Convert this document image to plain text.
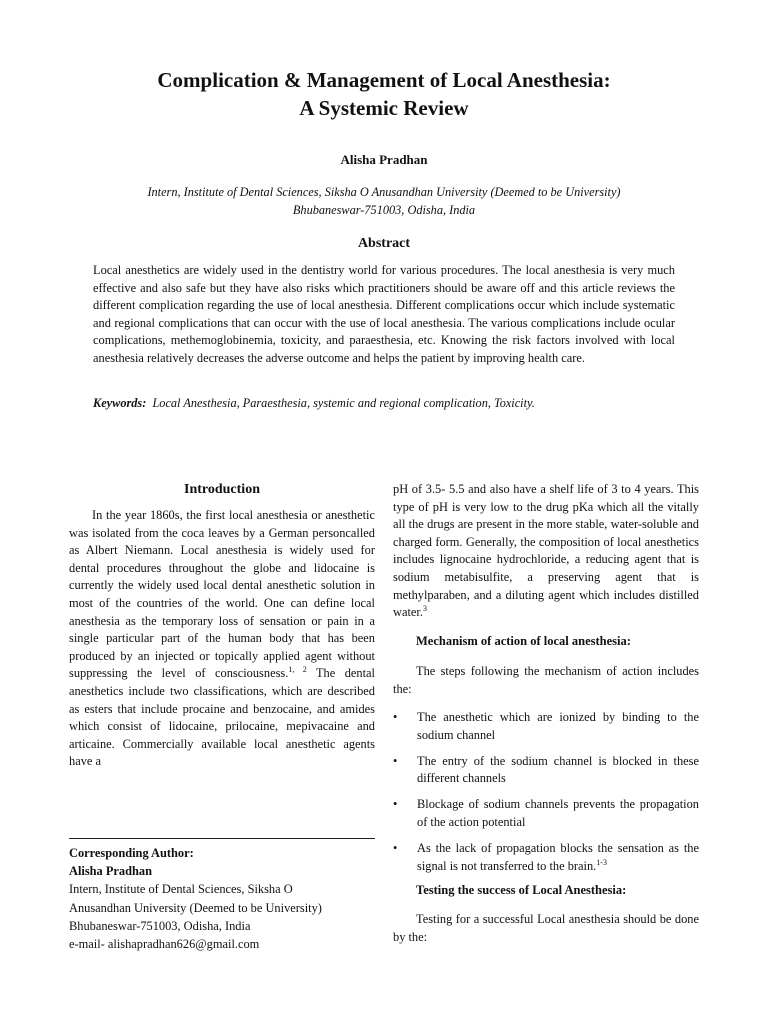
Complication & Management of Local Anesthesia:
A Systemic Review
Alisha Pradhan
Intern, Institute of Dental Sciences, Siksha O Anusandhan University (Deemed to be University)
Bhubaneswar-751003, Odisha, India
Abstract
Local anesthetics are widely used in the dentistry world for various procedures. The local anesthesia is very much effective and also safe but they have also risks which practitioners should be aware off and this article reviews the different complication regarding the use of local anesthesia. Different complications occur which include systematic and regional complications that can occur with the use of local anesthesia. The various complications include ocular complications, methemoglobinemia, toxicity, and paraesthesia, etc. Knowing the risk factors involved with local anesthesia relatively decreases the adverse outcome and helps the patient by improving health care.
Keywords: Local Anesthesia, Paraesthesia, systemic and regional complication, Toxicity.
Introduction

In the year 1860s, the first local anesthesia or anesthetic was isolated from the coca leaves by a German personcalled as Albert Niemann. Local anesthesia is widely used for dental procedures throughout the globe and lidocaine is currently the widely used local dental anesthetic solution in most of the countries of the world. One can define local anesthesia as the temporary loss of sensation or pain in a single particular part of the human body that has been produced by an injected or topically applied agent without suppressing the level of consciousness.$^{1, 2}$ The dental anesthetics include two classifications, which are described as esters that include procaine and benzocaine, and amides which consist of lidocaine, prilocaine, mepivacaine and articaine. Commercially available local anesthetic agents have a

Corresponding Author:
Alisha Pradhan
Intern, Institute of Dental Sciences, Siksha O
Anusandhan University (Deemed to be University)
Bhubaneswar-751003, Odisha, India
e-mail- alishapradhan626@gmail.com

pH of 3.5- 5.5 and also have a shelf life of 3 to 4 years. This type of pH is very low to the drug pKa which all the vitally all the drugs are present in the more stable, water-soluble and charged form. Generally, the composition of local anesthetics includes lignocaine hydrochloride, a reducing agent that is sodium metabisulfite, a preserving agent that is methylparaben, and a diluting agent which includes distilled water.$^3$

Mechanism of action of local anesthesia:

The steps following the mechanism of action includes the:

• The anesthetic which are ionized by binding to the sodium channel
• The entry of the sodium channel is blocked in these different channels
• Blockage of sodium channels prevents the propagation of the action potential
• As the lack of propagation blocks the sensation as the signal is not transferred to the brain.$^{1-3}$
Testing the success of Local Anesthesia:

Testing for a successful Local anesthesia should be done by the:
